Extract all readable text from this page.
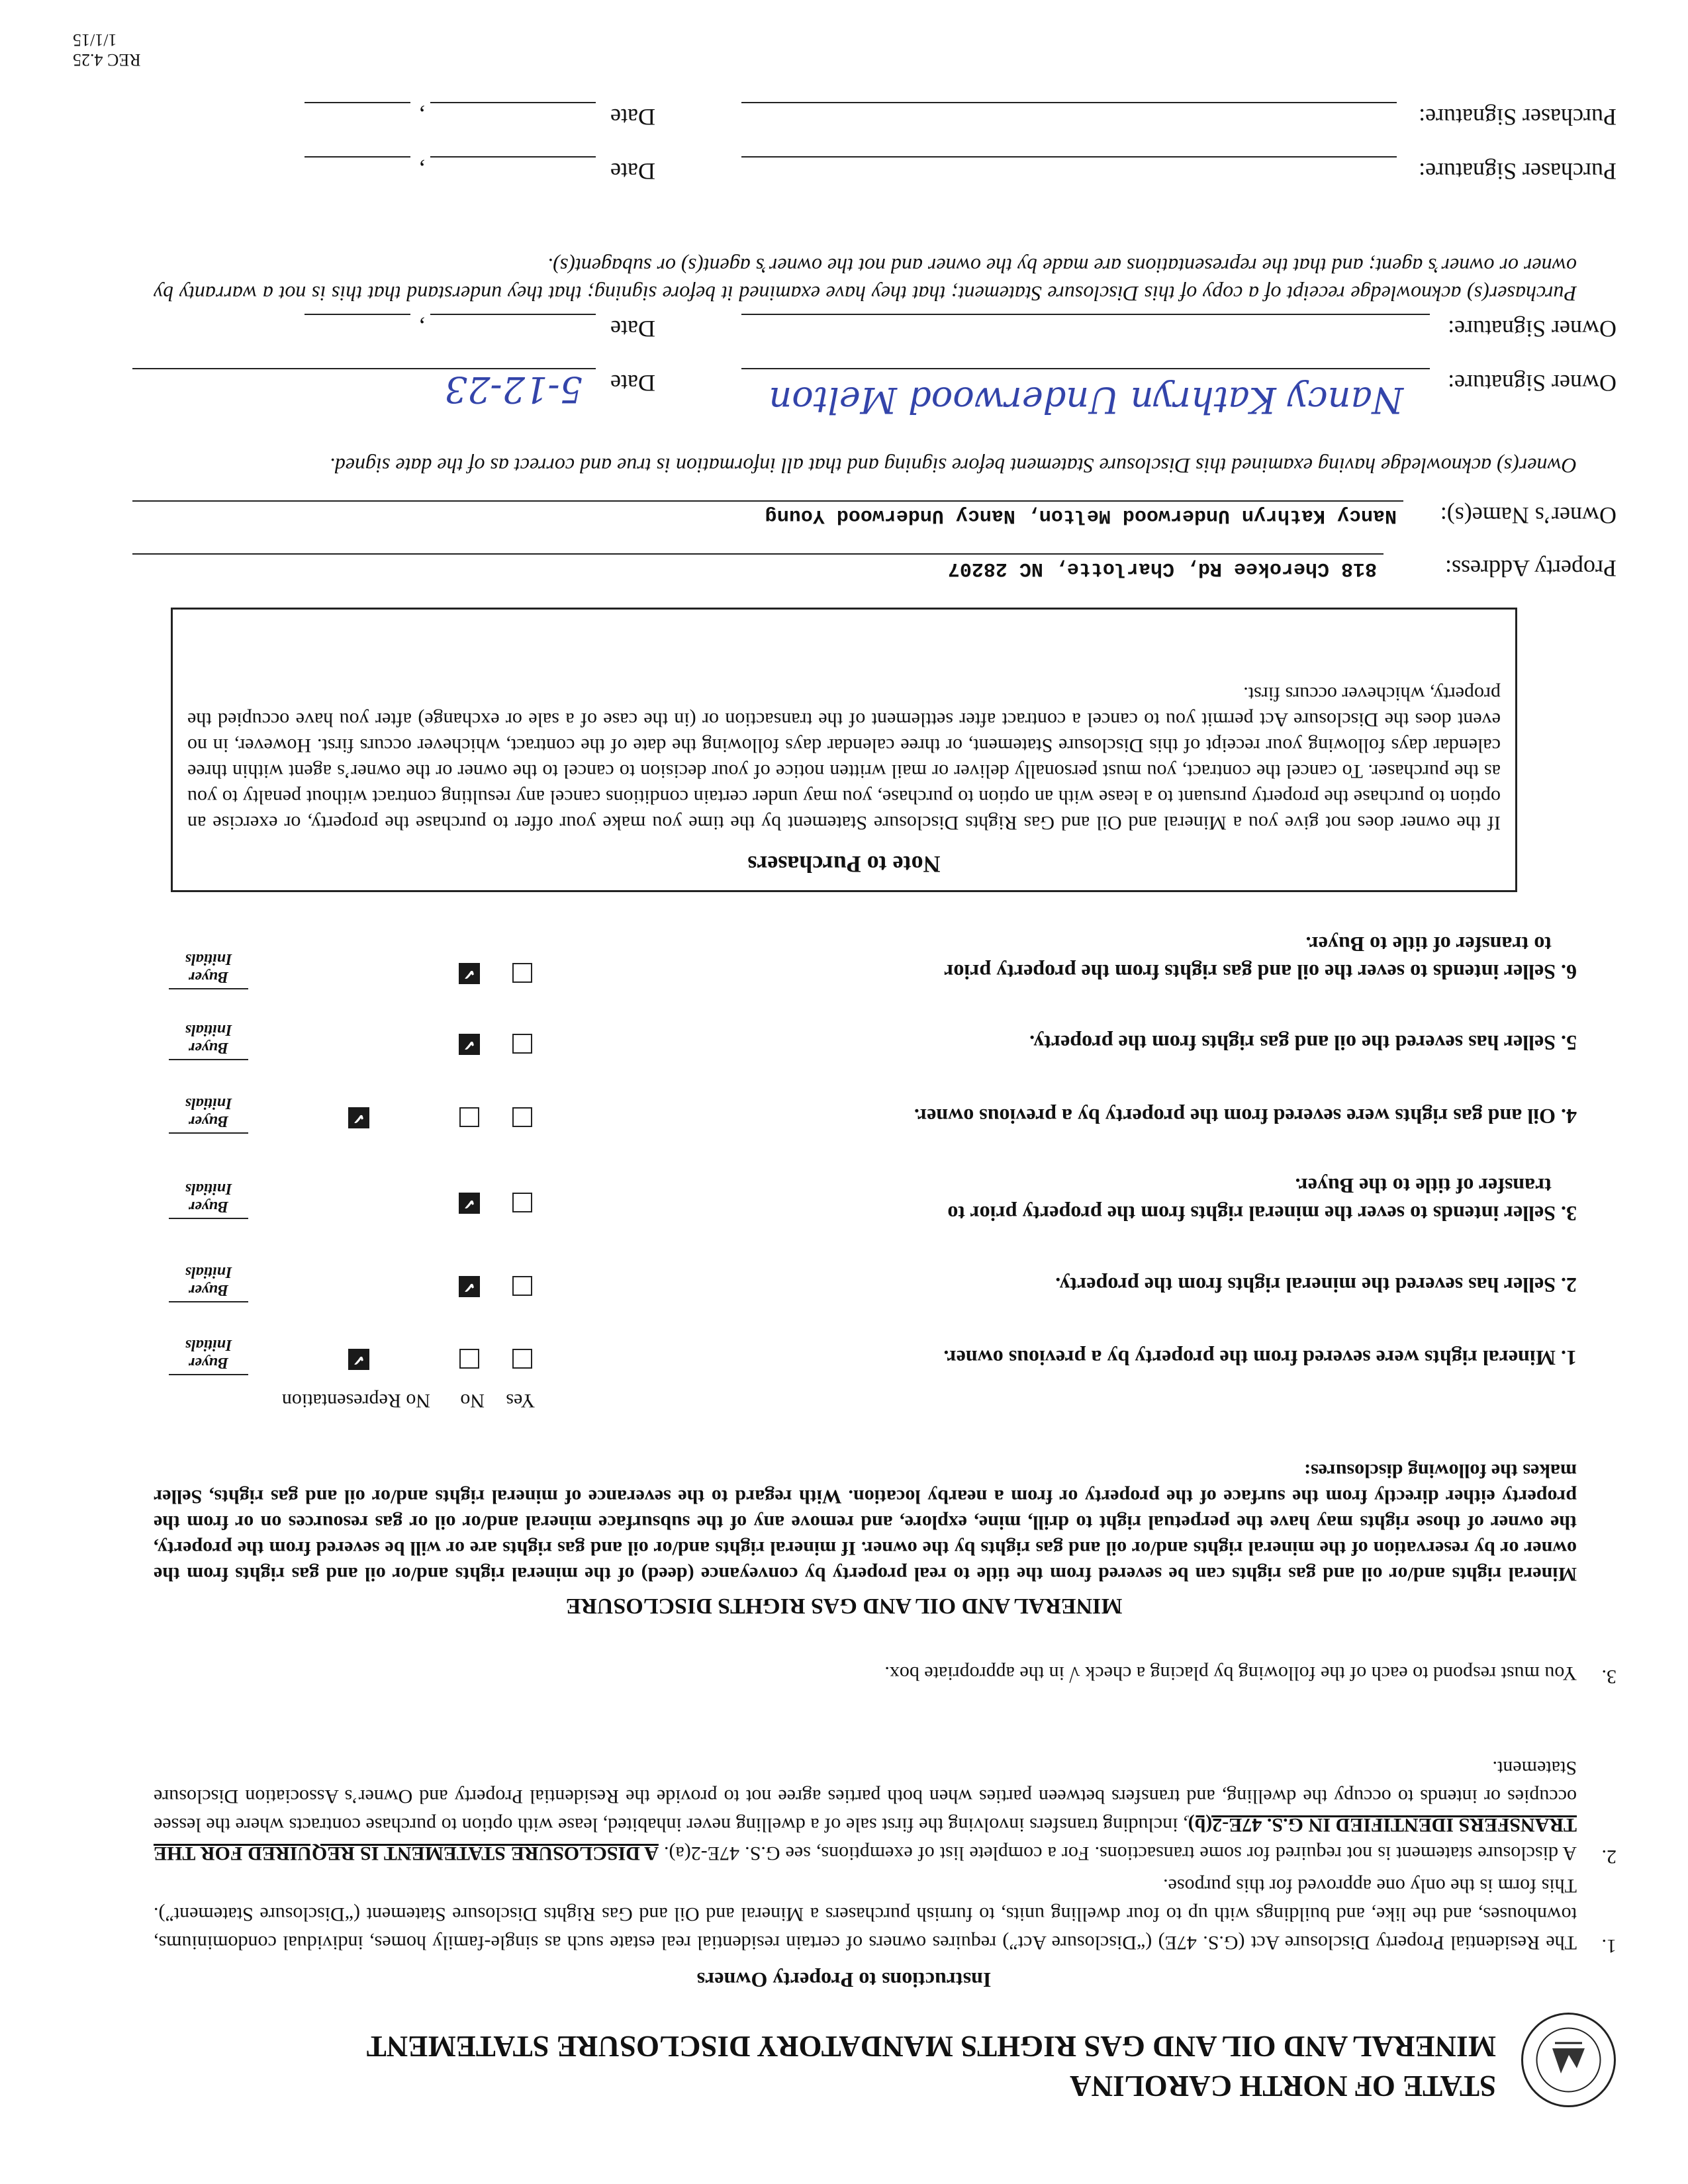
STATE OF NORTH CAROLINA
MINERAL AND OIL AND GAS RIGHTS MANDATORY DISCLOSURE STATEMENT
Instructions to Property Owners
1.
The Residential Property Disclosure Act (G.S. 47E) (“Disclosure Act”) requires owners of certain residential real estate such as single-family homes, individual condominiums, townhouses, and the like, and buildings with up to four dwelling units, to furnish purchasers a Mineral and Oil and Gas Rights Disclosure Statement (“Disclosure Statement”). This form is the only one approved for this purpose.
2.
A disclosure statement is not required for some transactions. For a complete list of exemptions, see G.S. 47E-2(a). A DISCLOSURE STATEMENT IS REQUIRED FOR THE TRANSFERS IDENTIFIED IN G.S. 47E-2(b), including transfers involving the first sale of a dwelling never inhabited, lease with option to purchase contracts where the lessee occupies or intends to occupy the dwelling, and transfers between parties when both parties agree not to provide the Residential Property and Owner’s Association Disclosure Statement.
3.
You must respond to each of the following by placing a check √ in the appropriate box.
MINERAL AND OIL AND GAS RIGHTS DISCLOSURE
Mineral rights and/or oil and gas rights can be severed from the title to real property by conveyance (deed) of the mineral rights and/or oil and gas rights from the owner or by reservation of the mineral rights and/or oil and gas rights by the owner. If mineral rights and/or oil and gas rights are or will be severed from the property, the owner of those rights may have the perpetual right to drill, mine, explore, and remove any of the subsurface mineral and/or oil or gas resources on or from the property either directly from the surface of the property or from a nearby location. With regard to the severance of mineral rights and/or oil and gas rights, Seller makes the following disclosures:
Yes
No
No Representation
1. Mineral rights were severed from the property by a previous owner.
✔
Buyer Initials
2. Seller has severed the mineral rights from the property.
✔
Buyer Initials
3. Seller intends to sever the mineral rights from the property prior to
transfer of title to the Buyer.
✔
Buyer Initials
4. Oil and gas rights were severed from the property by a previous owner.
✔
Buyer Initials
5. Seller has severed the oil and gas rights from the property.
✔
Buyer Initials
6. Seller intends to sever the oil and gas rights from the property prior
to transfer of title to Buyer.
✔
Buyer Initials
Note to Purchasers
If the owner does not give you a Mineral and Oil and Gas Rights Disclosure Statement by the time you make your offer to purchase the property, or exercise an option to purchase the property pursuant to a lease with an option to purchase, you may under certain conditions cancel any resulting contract without penalty to you as the purchaser. To cancel the contract, you must personally deliver or mail written notice of your decision to cancel to the owner or the owner’s agent within three calendar days following your receipt of this Disclosure Statement, or three calendar days following the date of the contract, whichever occurs first. However, in no event does the Disclosure Act permit you to cancel a contract after settlement of the transaction or (in the case of a sale or exchange) after you have occupied the property, whichever occurs first.
Property Address:
818 Cherokee Rd, Charlotte, NC 28207
Owner’s Name(s):
Nancy Kathryn Underwood Melton, Nancy Underwood Young
Owner(s) acknowledge having examined this Disclosure Statement before signing and that all information is true and correct as of the date signed.
Owner Signature:
Nancy Kathryn Underwood Melton
Date
5-12-23
Owner Signature:
Date
,
Purchaser(s) acknowledge receipt of a copy of this Disclosure Statement; that they have examined it before signing; that they understand that this is not a warranty by owner or owner’s agent; and that the representations are made by the owner and not the owner’s agent(s) or subagent(s).
Purchaser Signature:
Date
,
Purchaser Signature:
Date
,
REC 4.25
1/1/15
